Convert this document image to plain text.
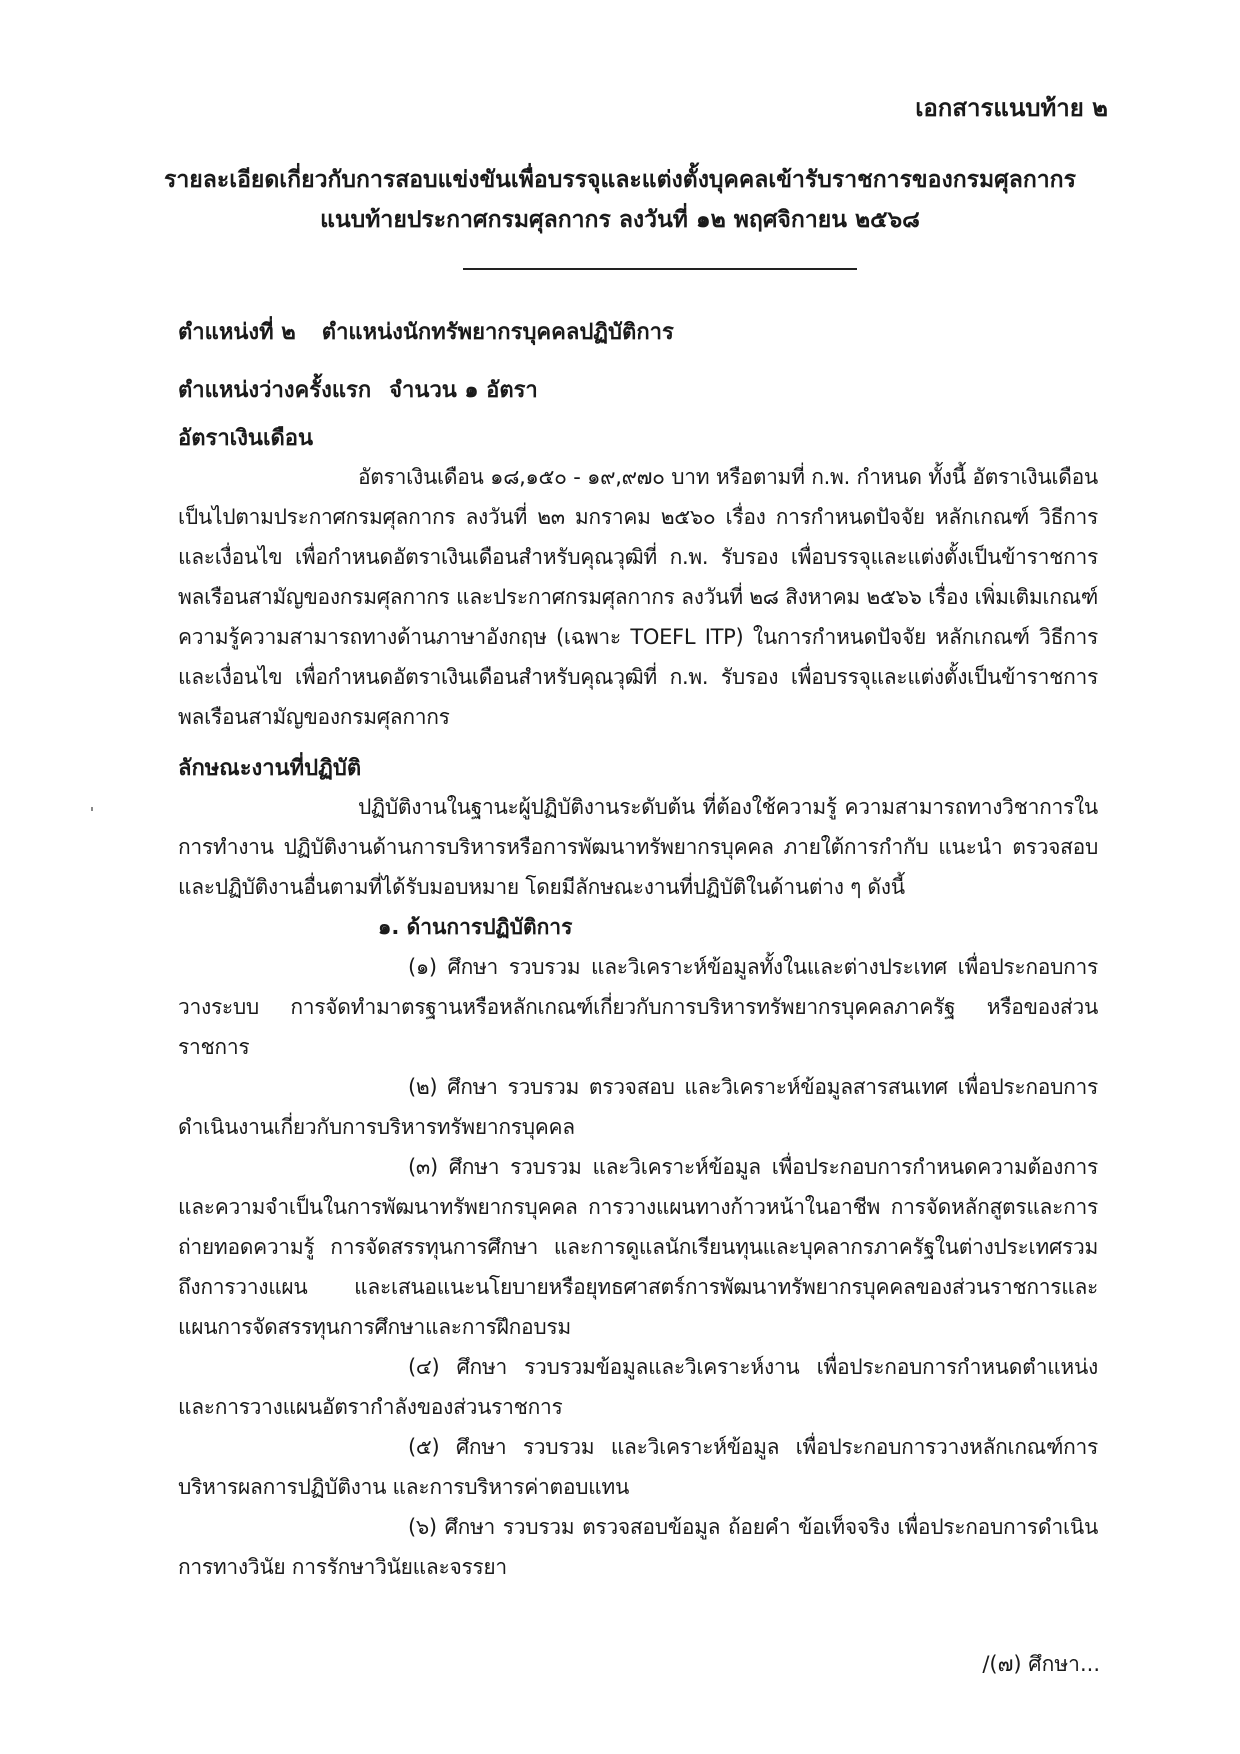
เอกสารแนบท้าย ๒
รายละเอียดเกี่ยวกับการสอบแข่งขันเพื่อบรรจุและแต่งตั้งบุคคลเข้ารับราชการของกรมศุลกากร
แนบท้ายประกาศกรมศุลกากร ลงวันที่ ๑๒ พฤศจิกายน ๒๕๖๘

ตำแหน่งที่ ๒ ตำแหน่งนักทรัพยากรบุคคลปฏิบัติการ

ตำแหน่งว่างครั้งแรก จำนวน ๑ อัตรา

อัตราเงินเดือน

อัตราเงินเดือน ๑๘,๑๕๐ - ๑๙,๙๗๐ บาท หรือตามที่ ก.พ. กำหนด ทั้งนี้ อัตราเงินเดือนเป็นไปตามประกาศกรมศุลกากร ลงวันที่ ๒๓ มกราคม ๒๕๖๐ เรื่อง การกำหนดปัจจัย หลักเกณฑ์ วิธีการ และเงื่อนไข เพื่อกำหนดอัตราเงินเดือนสำหรับคุณวุฒิที่ ก.พ. รับรอง เพื่อบรรจุและแต่งตั้งเป็นข้าราชการพลเรือนสามัญของกรมศุลกากร และประกาศกรมศุลกากร ลงวันที่ ๒๘ สิงหาคม ๒๕๖๖ เรื่อง เพิ่มเติมเกณฑ์ความรู้ความสามารถทางด้านภาษาอังกฤษ (เฉพาะ TOEFL ITP) ในการกำหนดปัจจัย หลักเกณฑ์ วิธีการ และเงื่อนไข เพื่อกำหนดอัตราเงินเดือนสำหรับคุณวุฒิที่ ก.พ. รับรอง เพื่อบรรจุและแต่งตั้งเป็นข้าราชการพลเรือนสามัญของกรมศุลกากร

ลักษณะงานที่ปฏิบัติ

ปฏิบัติงานในฐานะผู้ปฏิบัติงานระดับต้น ที่ต้องใช้ความรู้ ความสามารถทางวิชาการในการทำงาน ปฏิบัติงานด้านการบริหารหรือการพัฒนาทรัพยากรบุคคล ภายใต้การกำกับ แนะนำ ตรวจสอบและปฏิบัติงานอื่นตามที่ได้รับมอบหมาย โดยมีลักษณะงานที่ปฏิบัติในด้านต่าง ๆ ดังนี้

๑. ด้านการปฏิบัติการ

(๑) ศึกษา รวบรวม และวิเคราะห์ข้อมูลทั้งในและต่างประเทศ เพื่อประกอบการวางระบบ การจัดทำมาตรฐานหรือหลักเกณฑ์เกี่ยวกับการบริหารทรัพยากรบุคคลภาครัฐ หรือของส่วนราชการ

(๒) ศึกษา รวบรวม ตรวจสอบ และวิเคราะห์ข้อมูลสารสนเทศ เพื่อประกอบการดำเนินงานเกี่ยวกับการบริหารทรัพยากรบุคคล

(๓) ศึกษา รวบรวม และวิเคราะห์ข้อมูล เพื่อประกอบการกำหนดความต้องการและความจำเป็นในการพัฒนาทรัพยากรบุคคล การวางแผนทางก้าวหน้าในอาชีพ การจัดหลักสูตรและการถ่ายทอดความรู้ การจัดสรรทุนการศึกษา และการดูแลนักเรียนทุนและบุคลากรภาครัฐในต่างประเทศรวมถึงการวางแผน และเสนอแนะนโยบายหรือยุทธศาสตร์การพัฒนาทรัพยากรบุคคลของส่วนราชการและแผนการจัดสรรทุนการศึกษาและการฝึกอบรม

(๔) ศึกษา รวบรวมข้อมูลและวิเคราะห์งาน เพื่อประกอบการกำหนดตำแหน่งและการวางแผนอัตรากำลังของส่วนราชการ

(๕) ศึกษา รวบรวม และวิเคราะห์ข้อมูล เพื่อประกอบการวางหลักเกณฑ์การบริหารผลการปฏิบัติงาน และการบริหารค่าตอบแทน

(๖) ศึกษา รวบรวม ตรวจสอบข้อมูล ถ้อยคำ ข้อเท็จจริง เพื่อประกอบการดำเนินการทางวินัย การรักษาวินัยและจรรยา

/(๗) ศึกษา...
